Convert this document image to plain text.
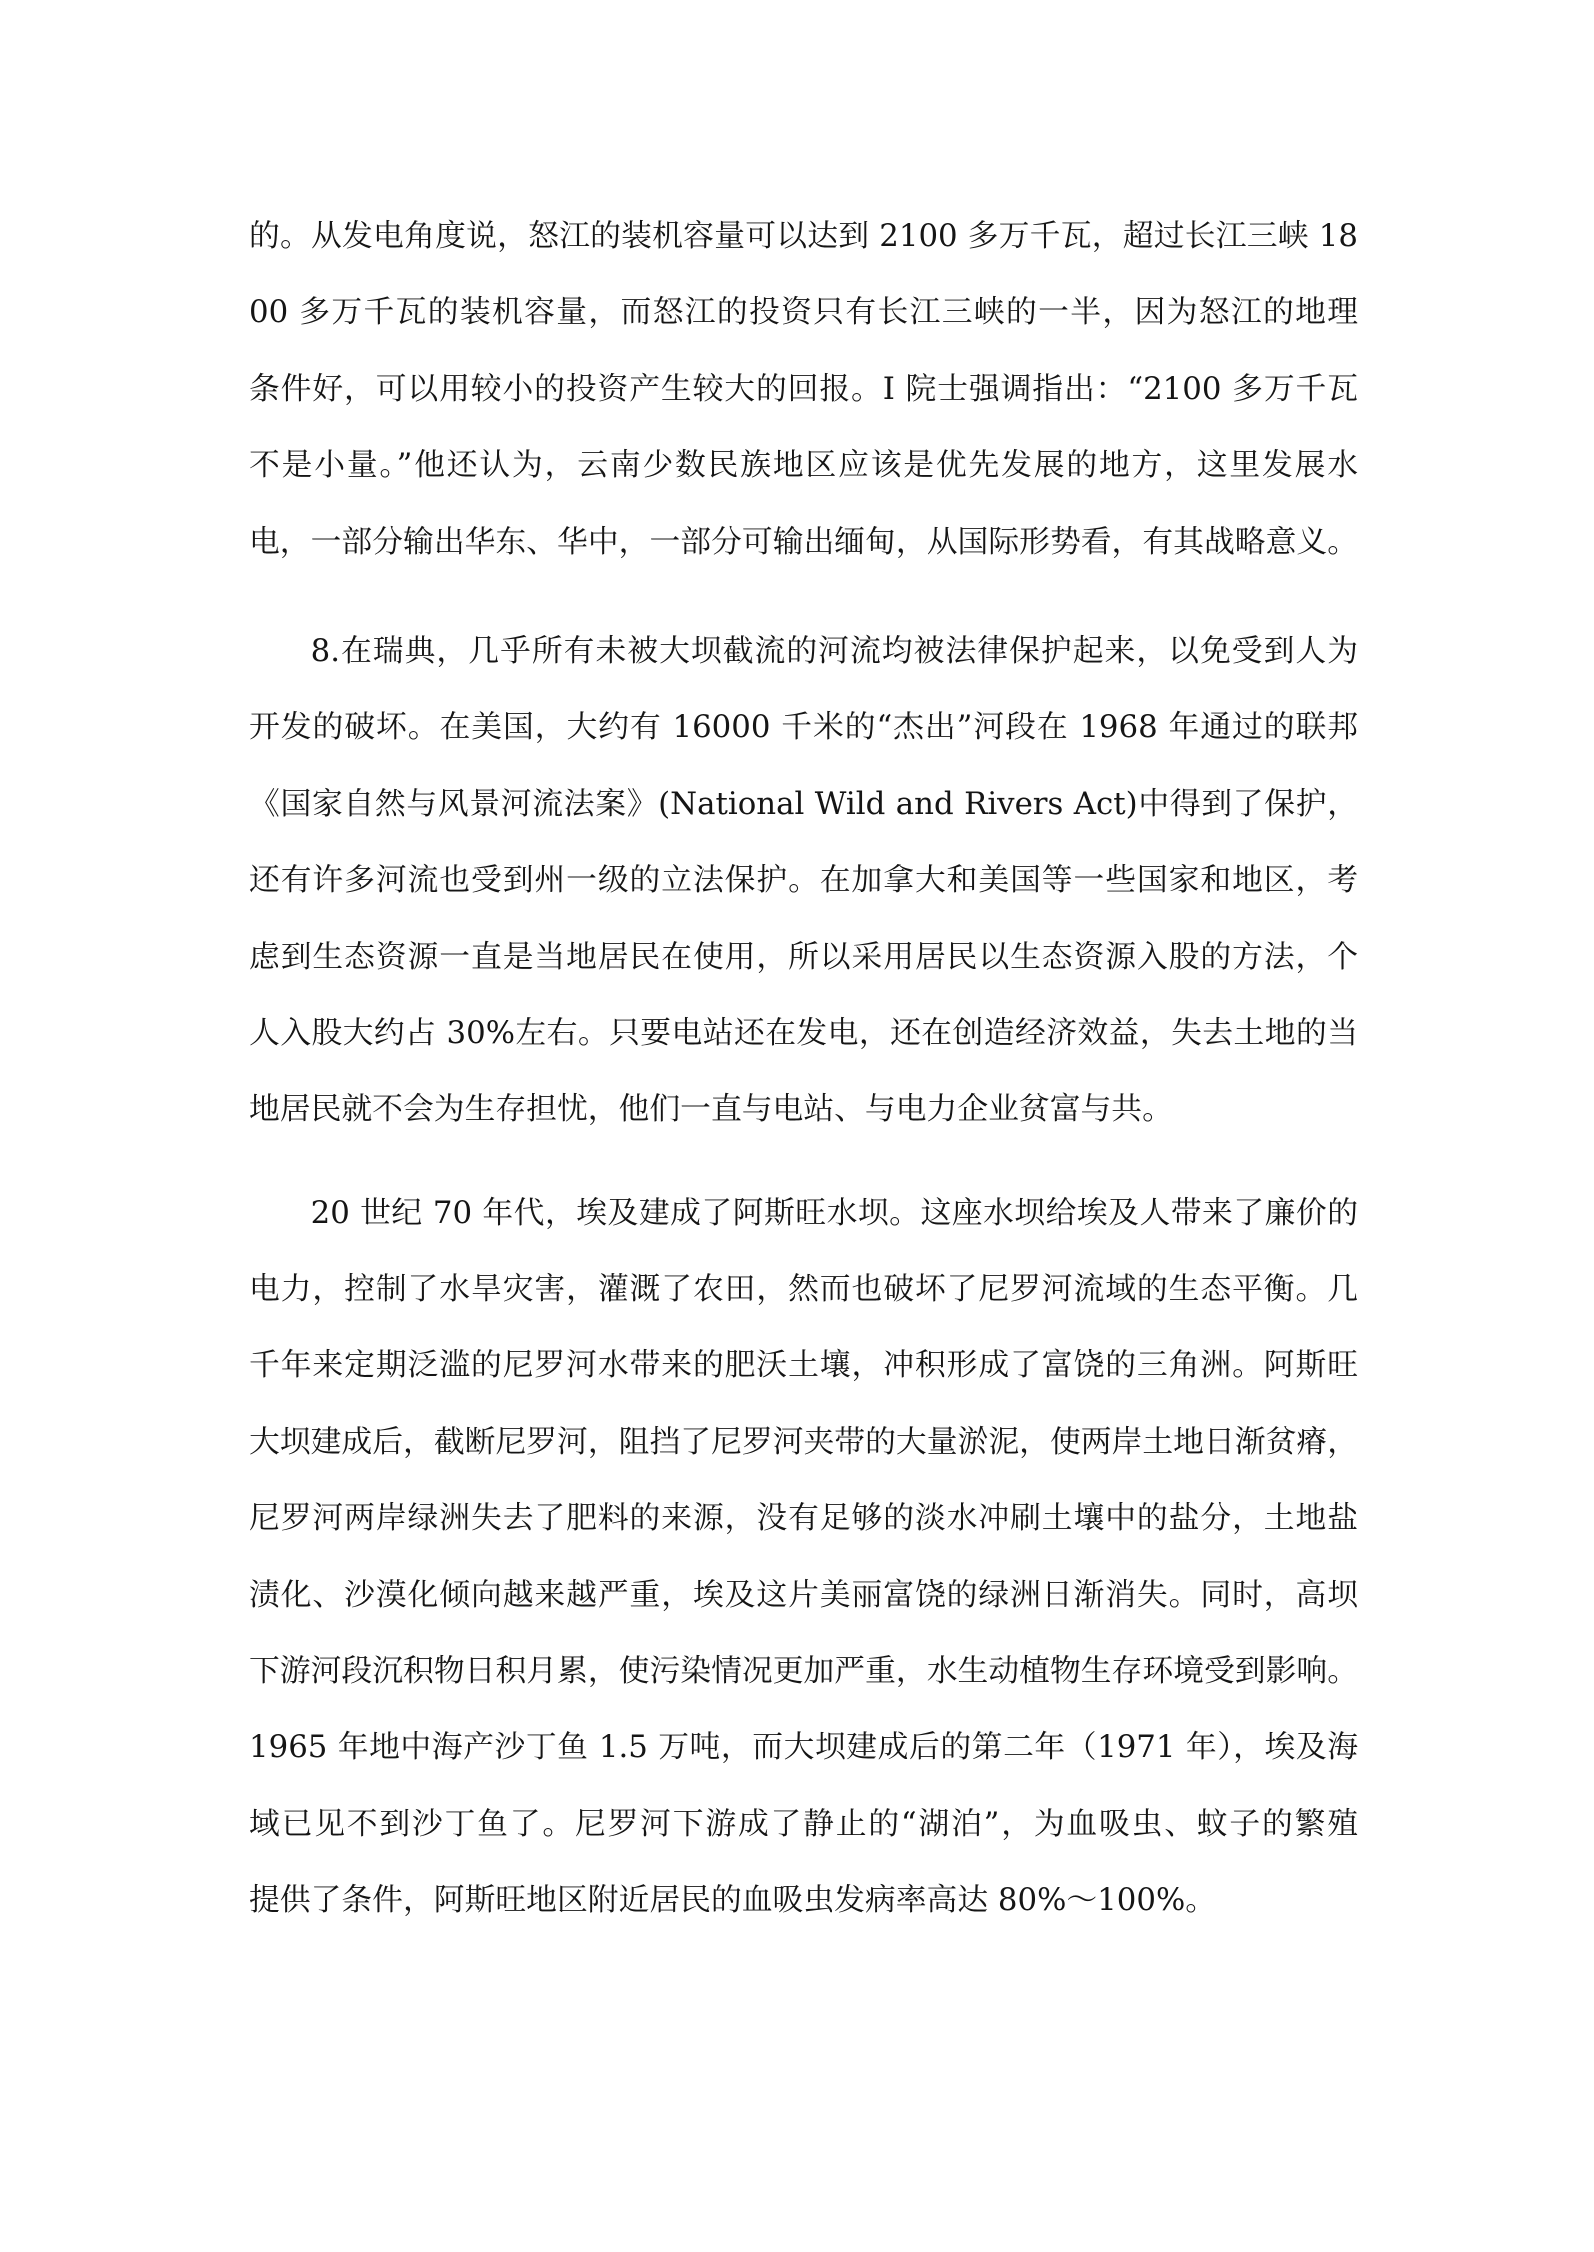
的。从发电角度说，怒江的装机容量可以达到 2100 多万千瓦，超过长江三峡 18
00 多万千瓦的装机容量，而怒江的投资只有长江三峡的一半，因为怒江的地理
条件好，可以用较小的投资产生较大的回报。I 院士强调指出：“2100 多万千瓦
不是小量。”他还认为，云南少数民族地区应该是优先发展的地方，这里发展水
电，一部分输出华东、华中，一部分可输出缅甸，从国际形势看，有其战略意义。
8.在瑞典，几乎所有未被大坝截流的河流均被法律保护起来，以免受到人为
开发的破坏。在美国，大约有 16000 千米的“杰出”河段在 1968 年通过的联邦
《国家自然与风景河流法案》(National Wild and Rivers Act)中得到了保护，
还有许多河流也受到州一级的立法保护。在加拿大和美国等一些国家和地区，考
虑到生态资源一直是当地居民在使用，所以采用居民以生态资源入股的方法，个
人入股大约占 30%左右。只要电站还在发电，还在创造经济效益，失去土地的当
地居民就不会为生存担忧，他们一直与电站、与电力企业贫富与共。
20 世纪 70 年代，埃及建成了阿斯旺水坝。这座水坝给埃及人带来了廉价的
电力，控制了水旱灾害，灌溉了农田，然而也破坏了尼罗河流域的生态平衡。几
千年来定期泛滥的尼罗河水带来的肥沃土壤，冲积形成了富饶的三角洲。阿斯旺
大坝建成后，截断尼罗河，阻挡了尼罗河夹带的大量淤泥，使两岸土地日渐贫瘠，
尼罗河两岸绿洲失去了肥料的来源，没有足够的淡水冲刷土壤中的盐分，土地盐
渍化、沙漠化倾向越来越严重，埃及这片美丽富饶的绿洲日渐消失。同时，高坝
下游河段沉积物日积月累，使污染情况更加严重，水生动植物生存环境受到影响。
1965 年地中海产沙丁鱼 1.5 万吨，而大坝建成后的第二年（1971 年），埃及海
域已见不到沙丁鱼了。尼罗河下游成了静止的“湖泊”，为血吸虫、蚊子的繁殖
提供了条件，阿斯旺地区附近居民的血吸虫发病率高达 80%～100%。
